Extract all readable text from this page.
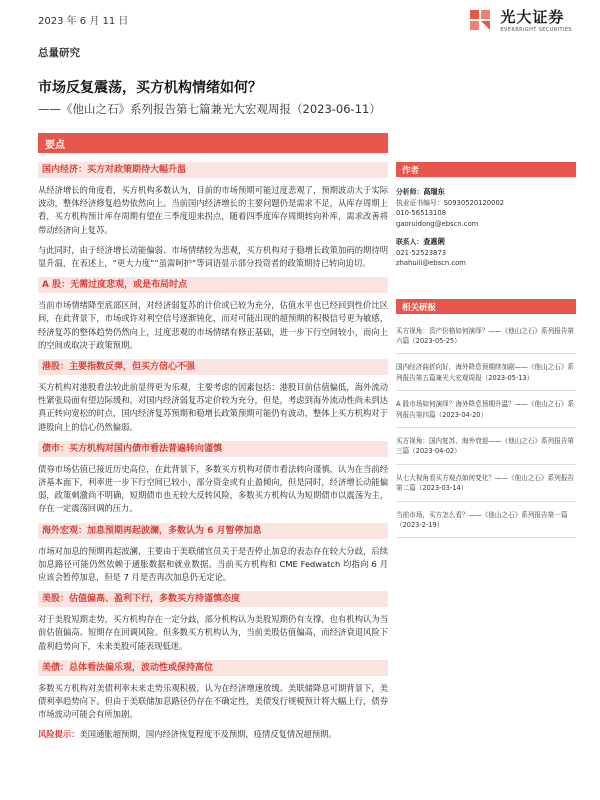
2023 年 6 月 11 日	光大证券
EVERBRIGHT SECURITIES
总量研究
市场反复震荡，买方机构情绪如何？
——《他山之石》系列报告第七篇兼光大宏观周报（2023-06-11）
要点
国内经济：买方对政策期待大幅升温

从经济增长的角度看，买方机构多数认为，目前的市场预期可能过度悲观了，预期波动大于实际波动，整体经济修复趋势依然向上。当前国内经济增长的主要问题仍是需求不足，从库存周期上看，买方机构预计库存周期有望在三季度迎来拐点，随着四季度库存周期转向补库，需求改善将带动经济向上复苏。

与此同时，由于经济增长动能偏弱、市场情绪较为悲观，买方机构对于稳增长政策加码的期待明显升温，在表述上，“更大力度”“虽需呵护”等词语显示部分投资者的政策期待已转向迫切。

A 股：无需过度悲观，或是布局时点

当前市场情绪降至底部区间，对经济弱复苏的计价或已较为充分，估值水平也已经回到性价比区间，在此背景下，市场或许对利空信号逐渐钝化，而对可能出现的超预期的积极信号更为敏感，经济复苏的整体趋势仍然向上，过度悲观的市场情绪有修正基础，进一步下行空间较小，而向上的空间或取决于政策预期。

港股：主要指数反弹，但买方信心不强

买方机构对港股看法较此前显得更为乐观，主要考虑的因素包括：港股目前估值偏低，海外流动性紧张局面有望边际缓和，对国内经济弱复苏定价较为充分，但是，考虑到海外流动性尚未到达真正转向宽松的时点，国内经济复苏预期和稳增长政策预期可能仍有波动，整体上买方机构对于港股向上的信心仍然偏弱。

债市：买方机构对国内债市看法普遍转向谨慎

债券市场估值已接近历史高位，在此背景下，多数买方机构对债市看法转向谨慎，认为在当前经济基本面下，利率进一步下行空间已较小，部分资金或有止盈倾向，但是同时，经济增长动能偏弱，政策刺激尚不明确，短期债市也无较大反转风险，多数买方机构认为短期债市以震荡为主，存在一定震荡回调的压力。

海外宏观：加息预期再起波澜，多数认为 6 月暂停加息

市场对加息的预期再起波澜，主要由于美联储官员关于是否停止加息的表态存在较大分歧，后续加息路径可能仍然依赖于通胀数据和就业数据。当前买方机构和 CME Fedwatch 均指向 6 月应该会暂停加息，但是 7 月是否再次加息仍无定论。

美股：估值偏高、盈利下行，多数买方持谨慎态度

对于美股短期走势，买方机构存在一定分歧，部分机构认为美股短期仍有支撑，也有机构认为当前估值偏高、短期存在回调风险。但多数买方机构认为，当前美股估值偏高，而经济衰退风险下盈利趋势向下，未来美股可能表现低迷。

美债：总体看法偏乐观，波动性或保持高位

多数买方机构对美债利率未来走势乐观积极，认为在经济增速放缓、美联储降息可期背景下，美债利率趋势向下。但由于美联储加息路径仍存在不确定性，美债发行规模预计将大幅上行，债券市场波动可能会有所加剧。

风险提示：美国通胀超预期，国内经济恢复程度不及预期，疫情反复情况超预期。

作者
分析师：高瑞东
执业证书编号：S0930520120002
010-56513108
gaoruidong@ebscn.com
联系人：查惠俐
021-52523873
zhahuili@ebscn.com
相关研报
买方视角：资产价格如何演绎？——《他山之石》系列报告第六篇（2023-05-25）
国内经济曲折向好，海外降息预期续加剧——《他山之石》系列报告第五篇兼光大宏观周报（2023-05-13）
A 股市场如何演绎？海外降息预期升温？——《他山之石》系列报告第四篇（2023-04-20）
买方视角：国内复苏、海外衰退——《他山之石》系列报告第三篇（2023-04-02）
从七大视角看买方观点如何变化？——《他山之石》系列报告第二篇（2023-03-14）
当前市场，买方怎么看？——《他山之石》系列报告第一篇（2023-2-19）
